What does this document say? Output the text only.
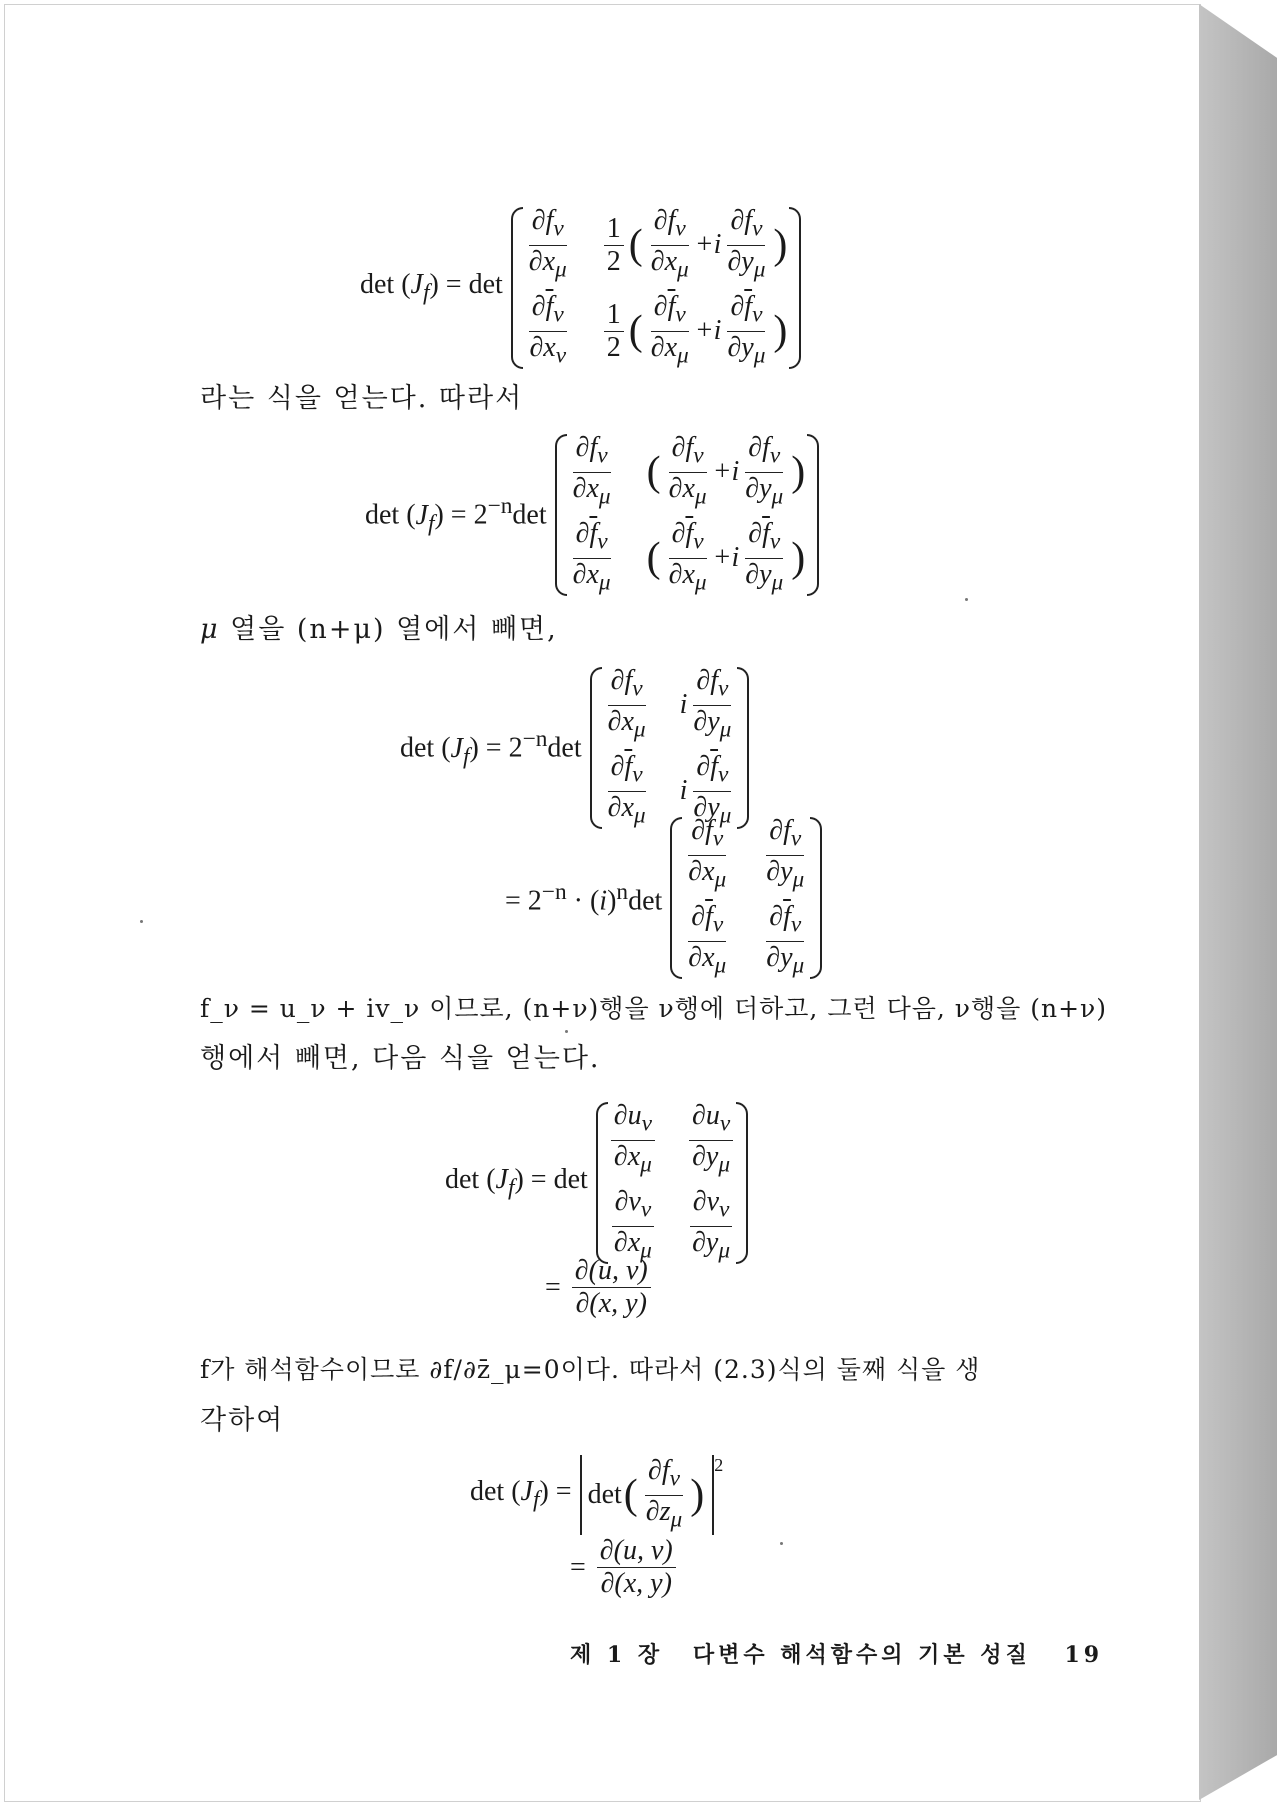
$\det (J_f) = \det \frac{\partial f_\nu}{\partial x_\mu} \frac{1}{2}$ ( $\frac{\partial f_\nu}{\partial x_\mu} + i \frac{\partial f_\nu}{\partial y_\mu}$ )
$\frac{\partial\overline{f}_\nu}{\partial x_\nu} \frac{1}{2}$ ( $\frac{\partial\overline{f}_\nu}{\partial x_\mu} + i \frac{\partial\overline{f}_\nu}{\partial y_\mu}$ )
라는 식을 얻는다. 따라서
$\det (J_f) = 2^{-n}\det$
$\frac{\partial f_\nu}{\partial x_\mu}$ ( $\frac{\partial f_\nu}{\partial x_\mu} + i \frac{\partial f_\nu}{\partial y_\mu}$ )
$\frac{\partial\overline{f}_\nu}{\partial x_\mu}$ ( $\frac{\partial\overline{f}_\nu}{\partial x_\mu} + i \frac{\partial\overline{f}_\nu}{\partial y_\mu}$ )
μ 열을 (n+μ) 열에서 빼면,
$\det (J_f) = 2^{-n}\det$
$\frac{\partial f_\nu}{\partial x_\mu}$ i $\frac{\partial f_\nu}{\partial y_\mu}$
$\frac{\partial\overline{f}_\nu}{\partial x_\mu}$ i $\frac{\partial\overline{f}_\nu}{\partial y_\mu}$
= $2^{-n} \cdot (i)^n\det$
$\frac{\partial f_\nu}{\partial x_\mu} \frac{\partial f_\nu}{\partial y_\mu}$
$\frac{\partial\overline{f}_\nu}{\partial x_\mu} \frac{\partial\overline{f}_\nu}{\partial y_\mu}$
f_ν = u_ν + iv_ν 이므로, (n+ν)행을 ν행에 더하고, 그런 다음, ν행을 (n+ν)
행에서 빼면, 다음 식을 얻는다.
$\det (J_f) = \det \frac{\partial u_\nu}{\partial x_\mu} \frac{\partial u_\nu}{\partial y_\mu}$
$\frac{\partial v_\nu}{\partial x_\mu} \frac{\partial v_\nu}{\partial y_\mu}$
= $\frac{\partial(u, v)}{\partial(x, y)}$
f가 해석함수이므로 ∂f/∂z̄_μ=0이다. 따라서 (2.3)식의 둘째 식을 생
각하여
$\det (J_f) = \det$ ( $\frac{\partial f_\nu}{\partial z_\mu}$ )
$^2$
= $\frac{\partial(u, v)}{\partial(x, y)}$
제 1 장 다변수 해석함수의 기본 성질 19
